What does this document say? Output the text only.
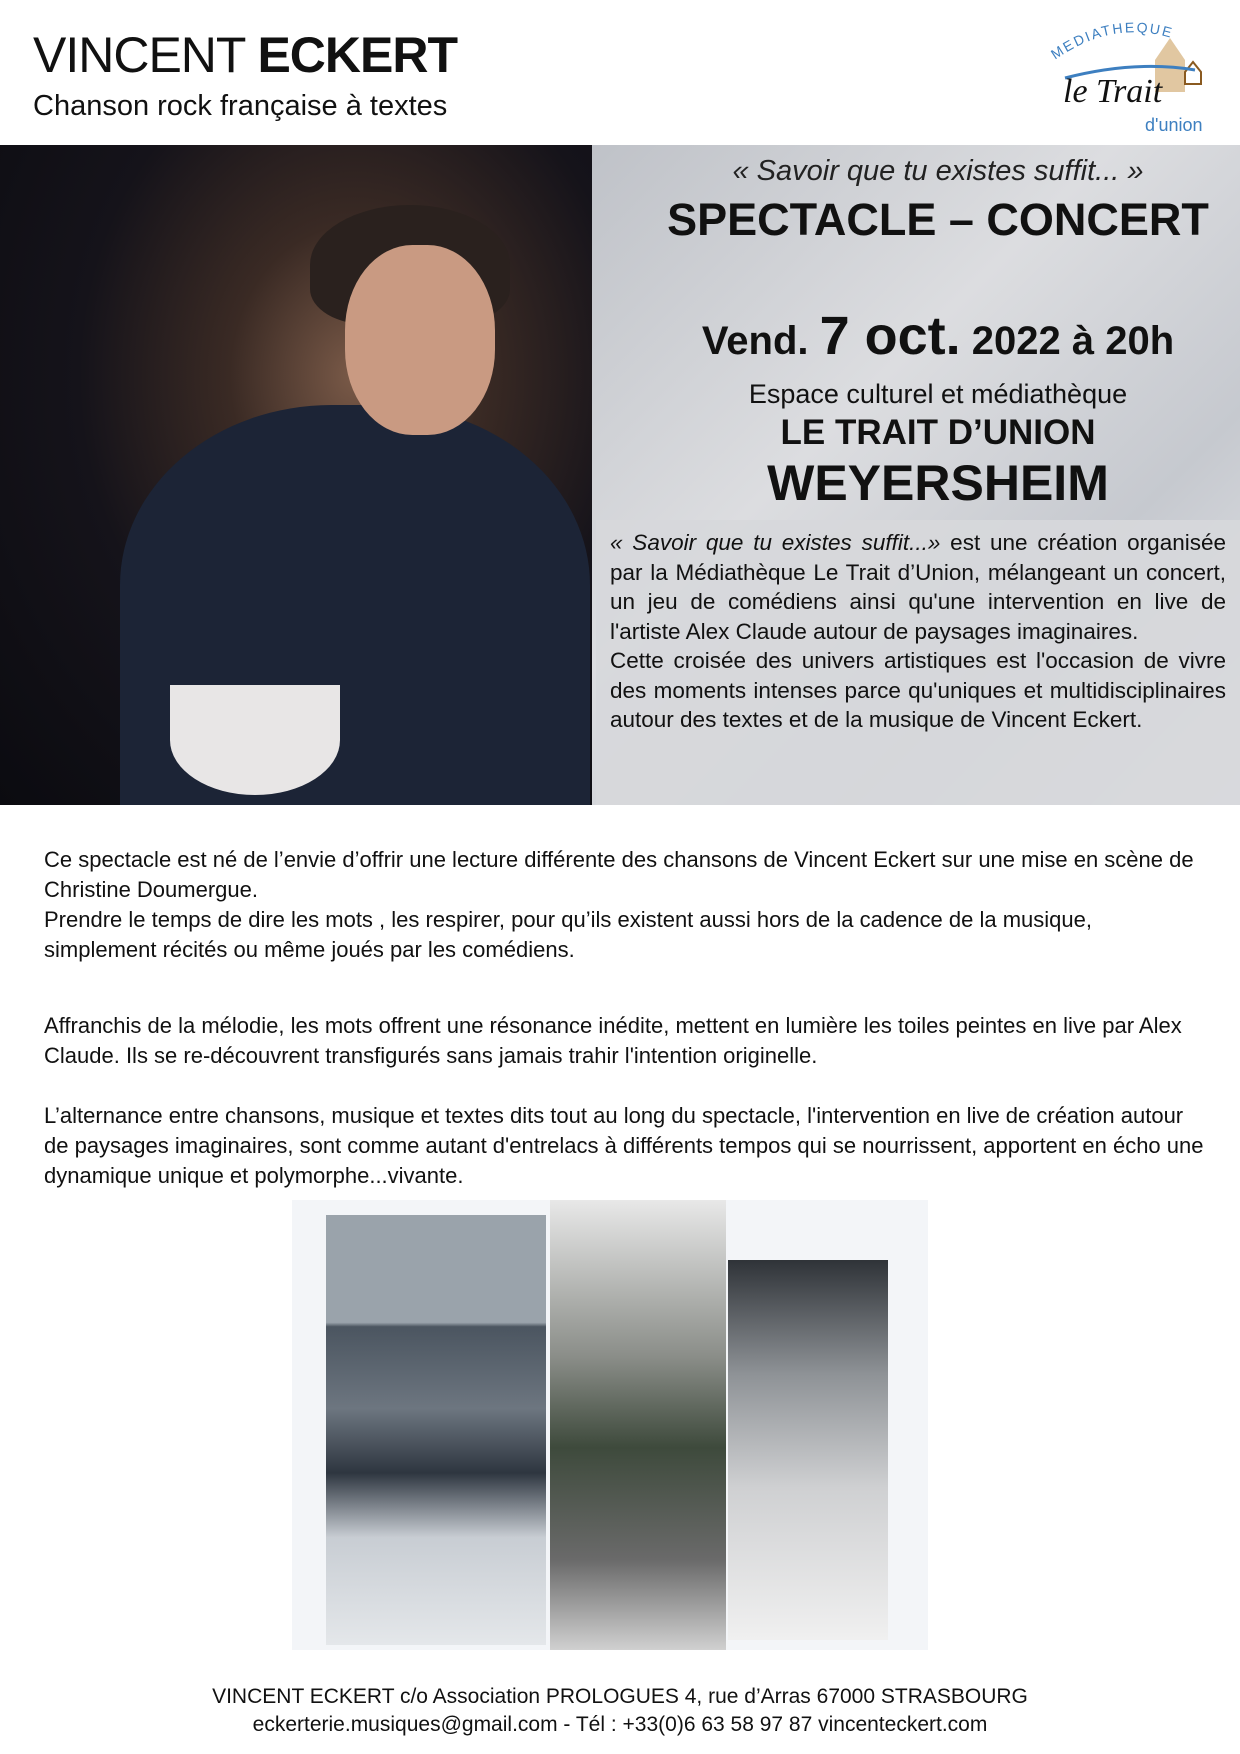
VINCENT ECKERT
Chanson rock française à textes
MEDIATHEQUE
le Trait
d'union
« Savoir que tu existes suffit... »
SPECTACLE – CONCERT
Vend. 7 oct. 2022 à 20h
Espace culturel et médiathèque
LE TRAIT D’UNION
WEYERSHEIM

« Savoir que tu existes suffit...» est une création organisée par la Médiathèque Le Trait d’Union, mélangeant un concert, un jeu de comédiens ainsi qu'une intervention en live de l'artiste Alex Claude autour de paysages imaginaires.

Cette croisée des univers artistiques est l'occasion de vivre des moments intenses parce qu'uniques et multidisciplinaires autour des textes et de la musique de Vincent Eckert.

Ce spectacle est né de l’envie d’offrir une lecture différente des chansons de Vincent Eckert sur une mise en scène de Christine Doumergue.

Prendre le temps de dire les mots , les respirer, pour qu’ils existent aussi hors de la cadence de la musique, simplement récités ou même joués par les comédiens.

Affranchis de la mélodie, les mots offrent une résonance inédite, mettent en lumière les toiles peintes en live par Alex Claude. Ils se re-découvrent transfigurés sans jamais trahir l'intention originelle.

L’alternance entre chansons, musique et textes dits tout au long du spectacle, l'intervention en live de création autour de paysages imaginaires, sont comme autant d'entrelacs à différents tempos qui se nourrissent, apportent en écho une dynamique unique et polymorphe...vivante.

VINCENT ECKERT c/o Association PROLOGUES 4, rue d’Arras 67000 STRASBOURG
eckerterie.musiques@gmail.com - Tél : +33(0)6 63 58 97 87 vincenteckert.com
